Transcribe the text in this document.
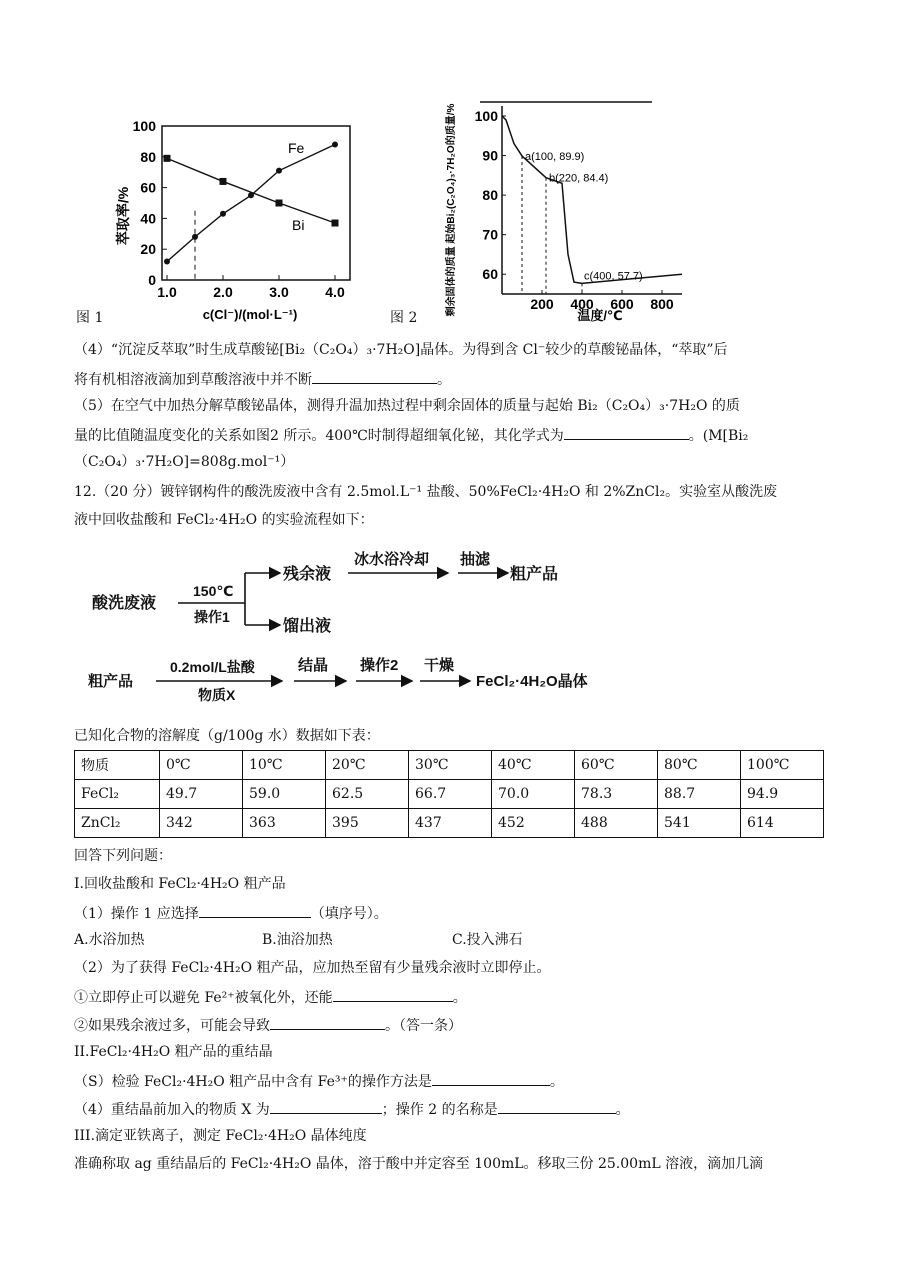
0
20
40
60
80
100
1.0	2.0	3.0	4.0
萃取率/%
c(Cl⁻)/(mol·L⁻¹)
Fe
Bi
图 1
60
70
80
90
100
200 400 600 800
a(100, 89.9)
b(220, 84.4)
c(400, 57.7)
剩余固体的质量 起始Bi₂(C₂O₄)₃·7H₂O的质量/%	温度/℃
图 2
（4）“沉淀反萃取”时生成草酸铋[Bi₂（C₂O₄）₃·7H₂O]晶体。为得到含 Cl⁻较少的草酸铋晶体，“萃取”后
将有机相溶液滴加到草酸溶液中并不断	。
（5）在空气中加热分解草酸铋晶体，测得升温加热过程中剩余固体的质量与起始 Bi₂（C₂O₄）₃·7H₂O 的质
量的比值随温度变化的关系如图2 所示。400℃时制得超细氧化铋，其化学式为	。(M[Bi₂
（C₂O₄）₃·7H₂O]=808g.mol⁻¹）
12.（20 分）镀锌钢构件的酸洗废液中含有 2.5mol.L⁻¹ 盐酸、50%FeCl₂·4H₂O 和 2%ZnCl₂。实验室从酸洗废
液中回收盐酸和 FeCl₂·4H₂O 的实验流程如下：
酸洗废液
150℃
操作1
残余液
馏出液
冰水浴冷却 抽滤
粗产品
粗产品
0.2mol/L盐酸
物质X
结晶 操作2 干燥
FeCl₂·4H₂O晶体
已知化合物的溶解度（g/100g 水）数据如下表：
物质	0℃	10℃	20℃	30℃	40℃	60℃	80℃	100℃
FeCl₂	49.7	59.0	62.5	66.7	70.0	78.3	88.7	94.9
ZnCl₂	342	363	395	437	452	488	541	614
回答下列问题：
I.回收盐酸和 FeCl₂·4H₂O 粗产品
（1）操作 1 应选择	（填序号）。
A.水浴加热	B.油浴加热	C.投入沸石
（2）为了获得 FeCl₂·4H₂O 粗产品，应加热至留有少量残余液时立即停止。
①立即停止可以避免 Fe²⁺被氧化外，还能	。
②如果残余液过多，可能会导致	。（答一条）
II.FeCl₂·4H₂O 粗产品的重结晶
（S）检验 FeCl₂·4H₂O 粗产品中含有 Fe³⁺的操作方法是	。
（4）重结晶前加入的物质 X 为	；操作 2 的名称是	。
III.滴定亚铁离子，测定 FeCl₂·4H₂O 晶体纯度
准确称取 ag 重结晶后的 FeCl₂·4H₂O 晶体，溶于酸中并定容至 100mL。移取三份 25.00mL 溶液，滴加几滴
